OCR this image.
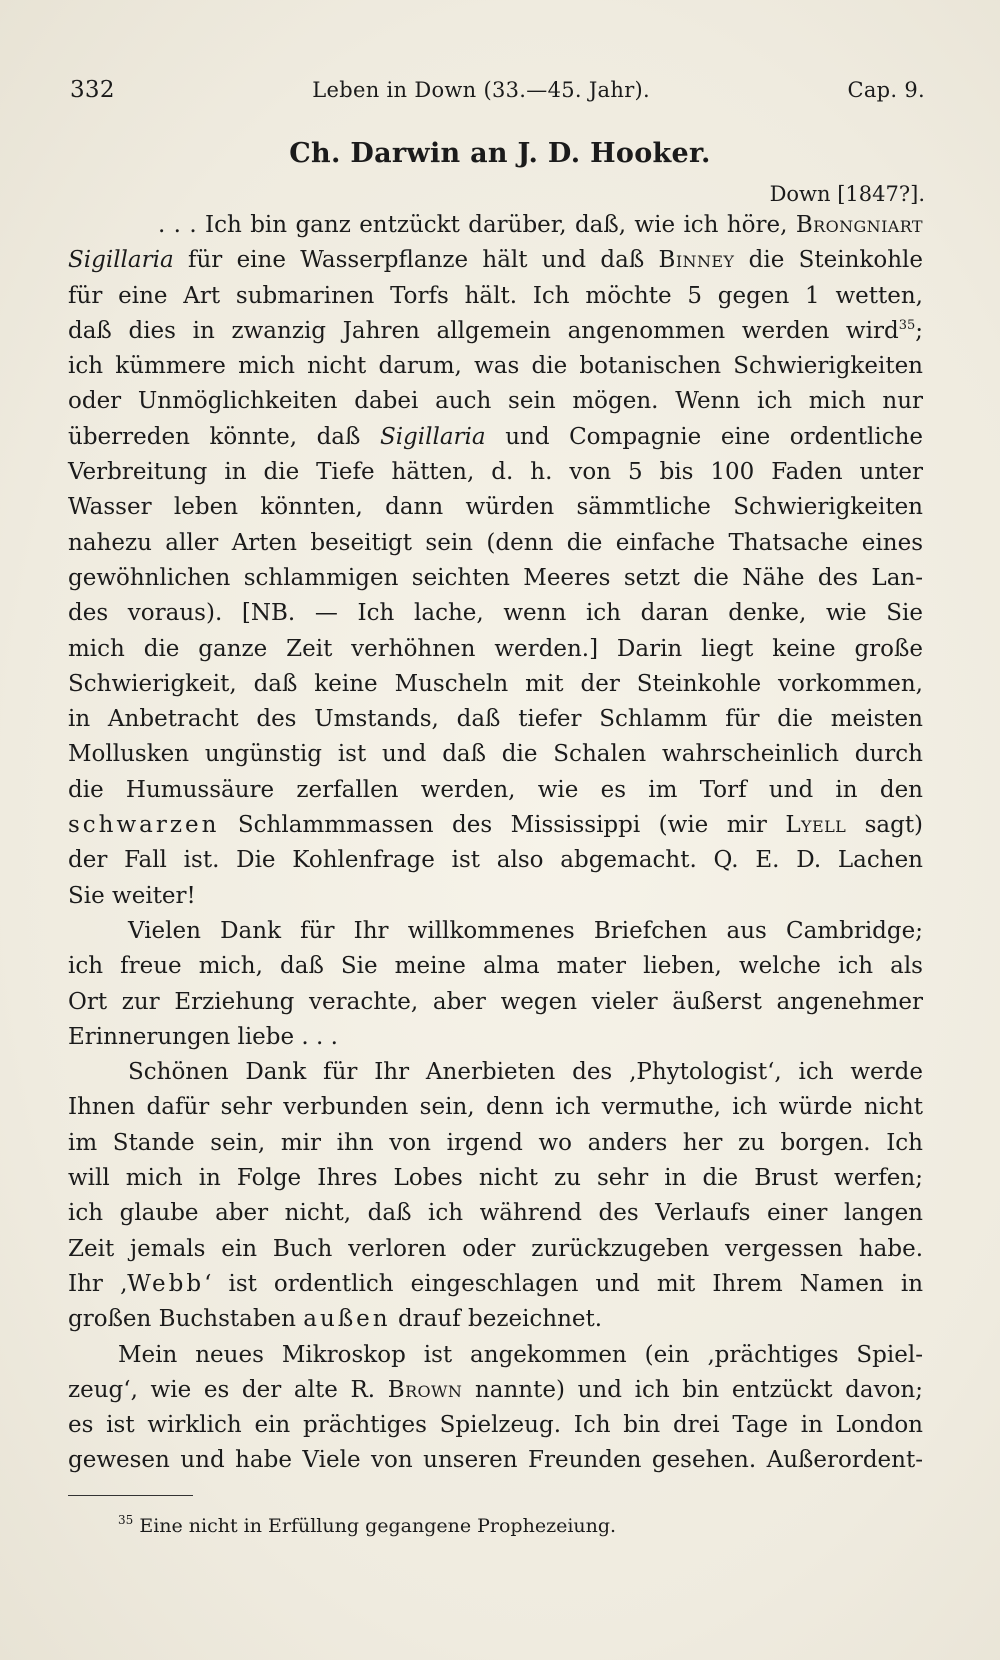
332	Leben in Down (33.—45. Jahr).	Cap. 9.
Ch. Darwin an J. D. Hooker.
Down [1847?].
. . . Ich bin ganz entzückt darüber, daß, wie ich höre, Brongniart
Sigillaria für eine Wasserpflanze hält und daß Binney die Steinkohle
für eine Art submarinen Torfs hält. Ich möchte 5 gegen 1 wetten,
daß dies in zwanzig Jahren allgemein angenommen werden wird$^{35}$;
ich kümmere mich nicht darum, was die botanischen Schwierigkeiten
oder Unmöglichkeiten dabei auch sein mögen. Wenn ich mich nur
überreden könnte, daß Sigillaria und Compagnie eine ordentliche
Verbreitung in die Tiefe hätten, d. h. von 5 bis 100 Faden unter
Wasser leben könnten, dann würden sämmtliche Schwierigkeiten
nahezu aller Arten beseitigt sein (denn die einfache Thatsache eines
gewöhnlichen schlammigen seichten Meeres setzt die Nähe des Lan-
des voraus). [NB. — Ich lache, wenn ich daran denke, wie Sie
mich die ganze Zeit verhöhnen werden.] Darin liegt keine große
Schwierigkeit, daß keine Muscheln mit der Steinkohle vorkommen,
in Anbetracht des Umstands, daß tiefer Schlamm für die meisten
Mollusken ungünstig ist und daß die Schalen wahrscheinlich durch
die Humussäure zerfallen werden, wie es im Torf und in den
schwarzen Schlammmassen des Mississippi (wie mir Lyell sagt)
der Fall ist. Die Kohlenfrage ist also abgemacht. Q. E. D. Lachen
Sie weiter!
Vielen Dank für Ihr willkommenes Briefchen aus Cambridge;
ich freue mich, daß Sie meine alma mater lieben, welche ich als
Ort zur Erziehung verachte, aber wegen vieler äußerst angenehmer
Erinnerungen liebe . . .
Schönen Dank für Ihr Anerbieten des ‚Phytologist‘, ich werde
Ihnen dafür sehr verbunden sein, denn ich vermuthe, ich würde nicht
im Stande sein, mir ihn von irgend wo anders her zu borgen. Ich
will mich in Folge Ihres Lobes nicht zu sehr in die Brust werfen;
ich glaube aber nicht, daß ich während des Verlaufs einer langen
Zeit jemals ein Buch verloren oder zurückzugeben vergessen habe.
Ihr ‚Webb‘ ist ordentlich eingeschlagen und mit Ihrem Namen in
großen Buchstaben außen drauf bezeichnet.
Mein neues Mikroskop ist angekommen (ein ‚prächtiges Spiel-
zeug‘, wie es der alte R. Brown nannte) und ich bin entzückt davon;
es ist wirklich ein prächtiges Spielzeug. Ich bin drei Tage in London
gewesen und habe Viele von unseren Freunden gesehen. Außerordent-
$^{35}$ Eine nicht in Erfüllung gegangene Prophezeiung.
